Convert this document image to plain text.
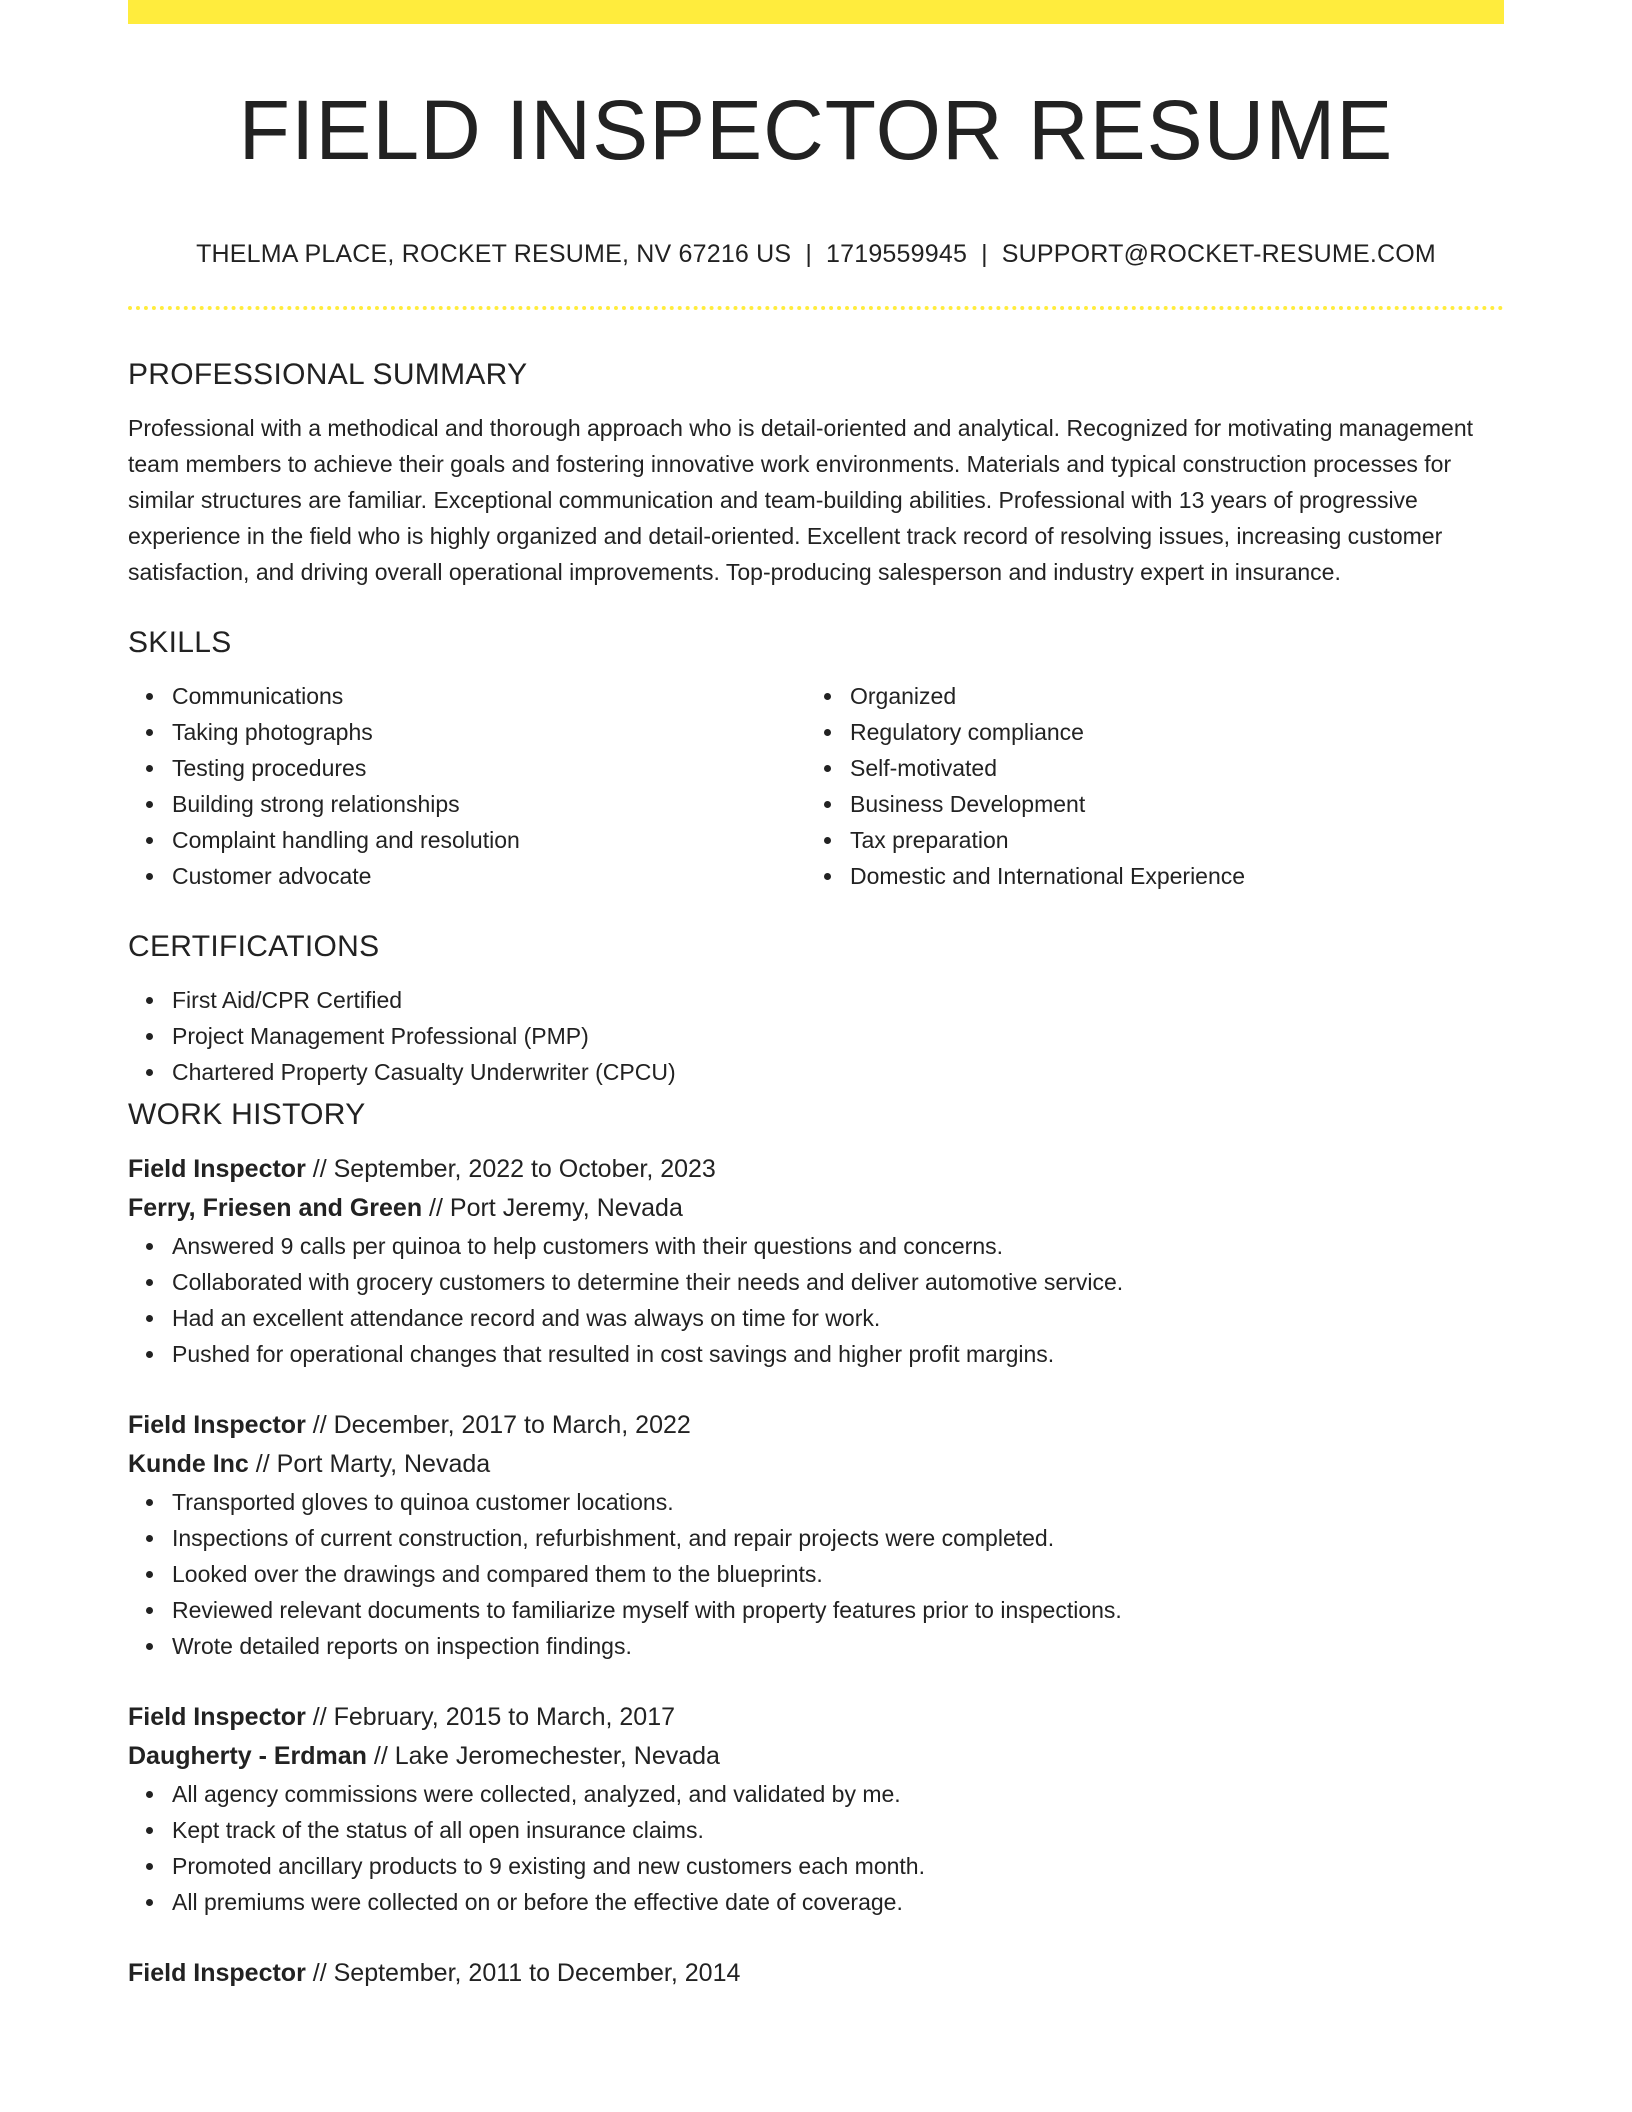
FIELD INSPECTOR RESUME
THELMA PLACE, ROCKET RESUME, NV 67216 US | 1719559945 | SUPPORT@ROCKET-RESUME.COM
PROFESSIONAL SUMMARY

Professional with a methodical and thorough approach who is detail-oriented and analytical. Recognized for motivating management team members to achieve their goals and fostering innovative work environments. Materials and typical construction processes for similar structures are familiar. Exceptional communication and team-building abilities. Professional with 13 years of progressive experience in the field who is highly organized and detail-oriented. Excellent track record of resolving issues, increasing customer satisfaction, and driving overall operational improvements. Top-producing salesperson and industry expert in insurance.

SKILLS
Communications
Taking photographs
Testing procedures
Building strong relationships
Complaint handling and resolution
Customer advocate
Organized
Regulatory compliance
Self-motivated
Business Development
Tax preparation
Domestic and International Experience
CERTIFICATIONS
First Aid/CPR Certified
Project Management Professional (PMP)
Chartered Property Casualty Underwriter (CPCU)
WORK HISTORY
Field Inspector // September, 2022 to October, 2023
Ferry, Friesen and Green // Port Jeremy, Nevada
Answered 9 calls per quinoa to help customers with their questions and concerns.
Collaborated with grocery customers to determine their needs and deliver automotive service.
Had an excellent attendance record and was always on time for work.
Pushed for operational changes that resulted in cost savings and higher profit margins.
Field Inspector // December, 2017 to March, 2022
Kunde Inc // Port Marty, Nevada
Transported gloves to quinoa customer locations.
Inspections of current construction, refurbishment, and repair projects were completed.
Looked over the drawings and compared them to the blueprints.
Reviewed relevant documents to familiarize myself with property features prior to inspections.
Wrote detailed reports on inspection findings.
Field Inspector // February, 2015 to March, 2017
Daugherty - Erdman // Lake Jeromechester, Nevada
All agency commissions were collected, analyzed, and validated by me.
Kept track of the status of all open insurance claims.
Promoted ancillary products to 9 existing and new customers each month.
All premiums were collected on or before the effective date of coverage.
Field Inspector // September, 2011 to December, 2014
